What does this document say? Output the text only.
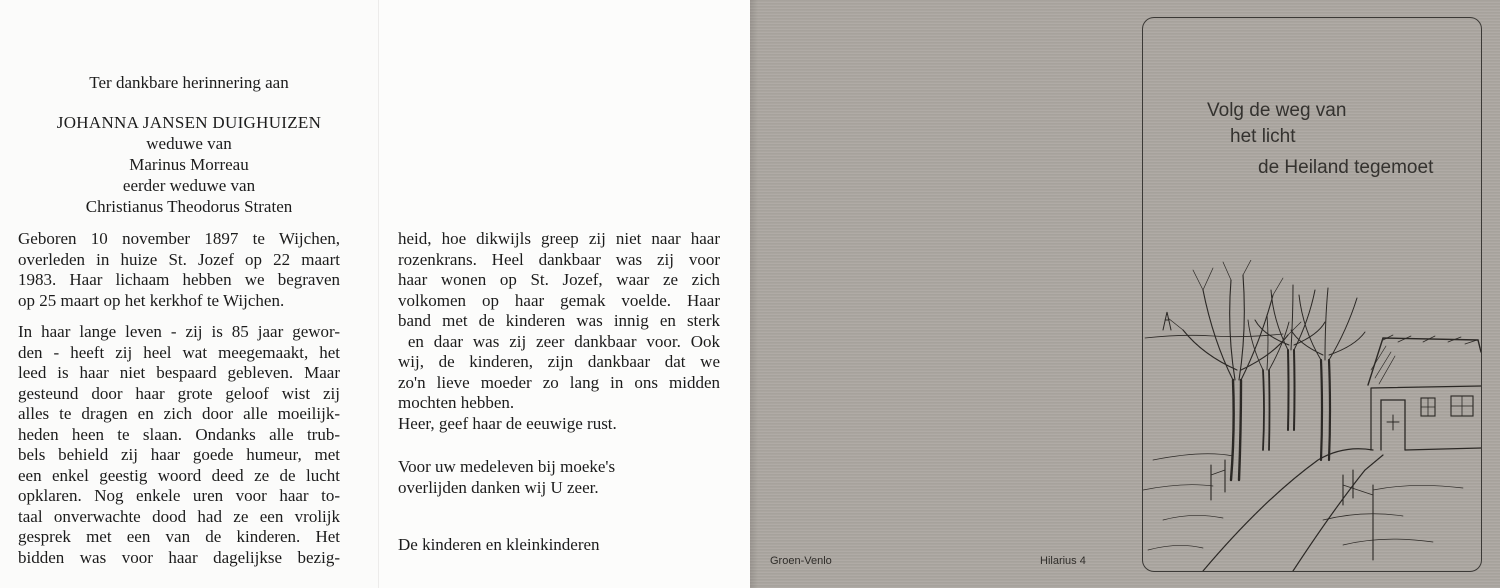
Ter dankbare herinnering aan
JOHANNA JANSEN DUIGHUIZEN
weduwe van
Marinus Morreau
eerder weduwe van
Christianus Theodorus Straten
Geboren 10 november 1897 te Wijchen,
overleden in huize St. Jozef op 22 maart
1983. Haar lichaam hebben we begraven
op 25 maart op het kerkhof te Wijchen.
In haar lange leven - zij is 85 jaar gewor-
den - heeft zij heel wat meegemaakt, het
leed is haar niet bespaard gebleven. Maar
gesteund door haar grote geloof wist zij
alles te dragen en zich door alle moeilijk-
heden heen te slaan. Ondanks alle trub-
bels behield zij haar goede humeur, met
een enkel geestig woord deed ze de lucht
opklaren. Nog enkele uren voor haar to-
taal onverwachte dood had ze een vrolijk
gesprek met een van de kinderen. Het
bidden was voor haar dagelijkse bezig-
heid, hoe dikwijls greep zij niet naar haar
rozenkrans. Heel dankbaar was zij voor
haar wonen op St. Jozef, waar ze zich
volkomen op haar gemak voelde. Haar
band met de kinderen was innig en sterk
en daar was zij zeer dankbaar voor. Ook
wij, de kinderen, zijn dankbaar dat we
zo'n lieve moeder zo lang in ons midden
mochten hebben.
Heer, geef haar de eeuwige rust.
Voor uw medeleven bij moeke's
overlijden danken wij U zeer.
De kinderen en kleinkinderen
Volg de weg van
het licht
de Heiland tegemoet
Groen-Venlo	Hilarius 4
